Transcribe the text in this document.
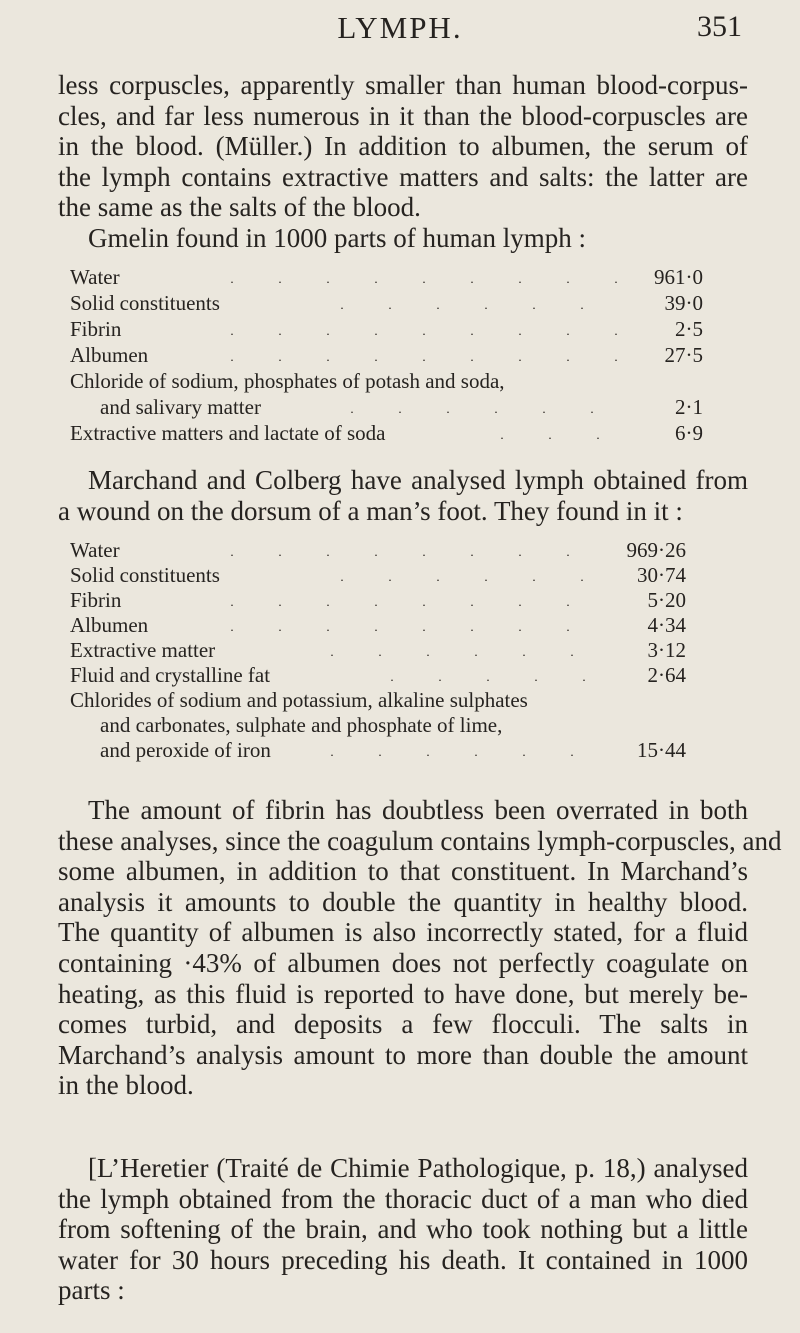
LYMPH.	351

less corpuscles, apparently smaller than human blood-corpus-
cles, and far less numerous in it than the blood-corpuscles are
in the blood. (Müller.) In addition to albumen, the serum of
the lymph contains extractive matters and salts: the latter are
the same as the salts of the blood.

Gmelin found in 1000 parts of human lymph :

Water	961·0
Solid constituents	39·0
Fibrin	2·5
Albumen	27·5
Chloride of sodium, phosphates of potash and soda,
and salivary matter	2·1
Extractive matters and lactate of soda	6·9

Marchand and Colberg have analysed lymph obtained from
a wound on the dorsum of a man’s foot. They found in it :

Water	969·26
Solid constituents	30·74
Fibrin	5·20
Albumen	4·34
Extractive matter	3·12
Fluid and crystalline fat	2·64
Chlorides of sodium and potassium, alkaline sulphates
and carbonates, sulphate and phosphate of lime,
and peroxide of iron	15·44

The amount of fibrin has doubtless been overrated in both
these analyses, since the coagulum contains lymph-corpuscles, and
some albumen, in addition to that constituent. In Marchand’s
analysis it amounts to double the quantity in healthy blood.
The quantity of albumen is also incorrectly stated, for a fluid
containing ·43% of albumen does not perfectly coagulate on
heating, as this fluid is reported to have done, but merely be-
comes turbid, and deposits a few flocculi. The salts in
Marchand’s analysis amount to more than double the amount
in the blood.

[L’Heretier (Traité de Chimie Pathologique, p. 18,) analysed
the lymph obtained from the thoracic duct of a man who died
from softening of the brain, and who took nothing but a little
water for 30 hours preceding his death. It contained in 1000
parts :
